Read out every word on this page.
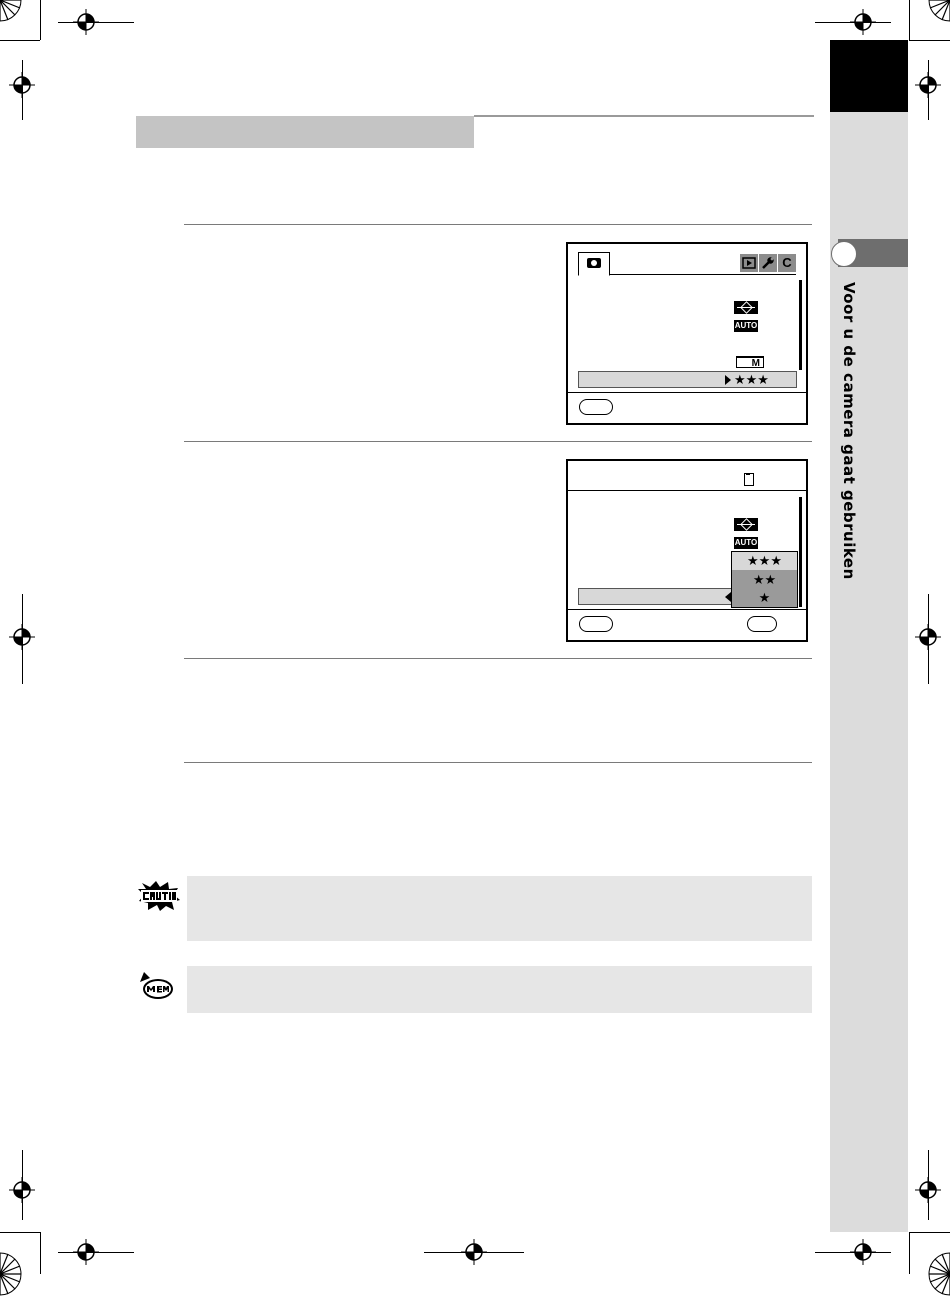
Voor u de camera gaat gebruiken
C
AUTO
M
★★★
AUTO
★★★
★★
★
